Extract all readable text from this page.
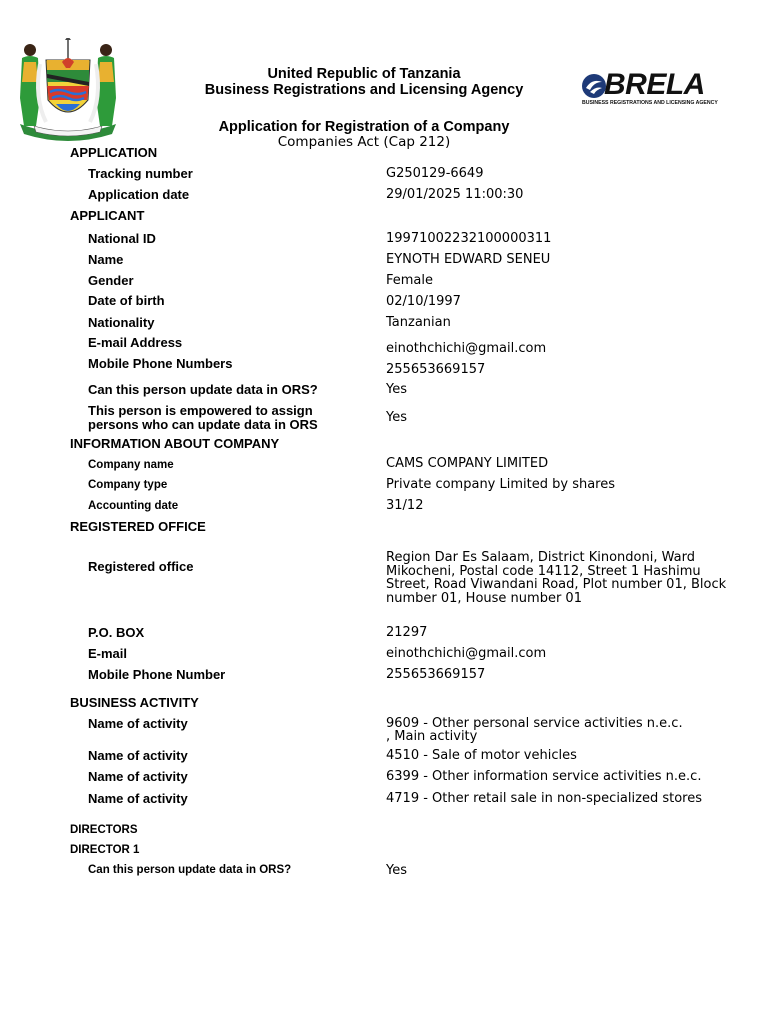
United Republic of Tanzania
Business Registrations and Licensing Agency
Application for Registration of a Company
Companies Act (Cap 212)
BRELA
BUSINESS REGISTRATIONS AND LICENSING AGENCY
APPLICATION
Tracking number	G250129-6649
Application date	29/01/2025 11:00:30
APPLICANT
National ID	19971002232100000311
Name	EYNOTH EDWARD SENEU
Gender	Female
Date of birth	02/10/1997
Nationality	Tanzanian
E-mail Address	einothchichi@gmail.com
Mobile Phone Numbers	255653669157
Can this person update data in ORS?	Yes
This person is empowered to assign persons who can update data in ORS	Yes
INFORMATION ABOUT COMPANY
Company name	CAMS COMPANY LIMITED
Company type	Private company Limited by shares
Accounting date	31/12
REGISTERED OFFICE
Registered office
Region Dar Es Salaam, District Kinondoni, Ward Mikocheni, Postal code 14112, Street 1 Hashimu Street, Road Viwandani Road, Plot number 01, Block number 01, House number 01
P.O. BOX	21297
E-mail	einothchichi@gmail.com
Mobile Phone Number	255653669157
BUSINESS ACTIVITY
Name of activity	9609 - Other personal service activities n.e.c.
, Main activity
Name of activity	4510 - Sale of motor vehicles
Name of activity	6399 - Other information service activities n.e.c.
Name of activity	4719 - Other retail sale in non-specialized stores
DIRECTORS
DIRECTOR 1
Can this person update data in ORS?	Yes
